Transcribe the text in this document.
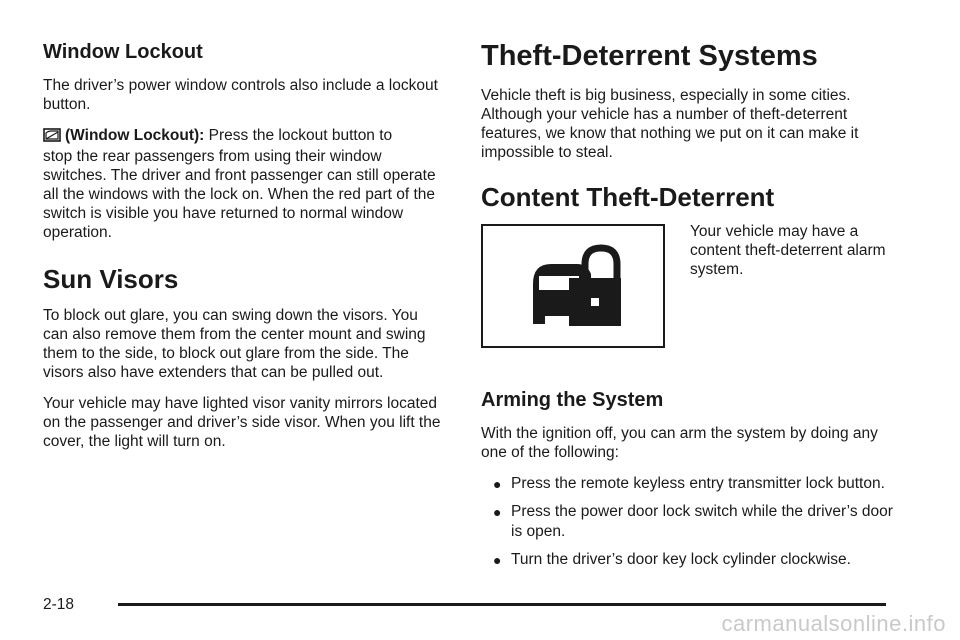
Window Lockout

The driver’s power window controls also include a lockout button.

(Window Lockout): Press the lockout button to

stop the rear passengers from using their window switches. The driver and front passenger can still operate all the windows with the lock on. When the red part of the switch is visible you have returned to normal window operation.

Sun Visors

To block out glare, you can swing down the visors. You can also remove them from the center mount and swing them to the side, to block out glare from the side. The visors also have extenders that can be pulled out.

Your vehicle may have lighted visor vanity mirrors located on the passenger and driver’s side visor. When you lift the cover, the light will turn on.

Theft-Deterrent Systems

Vehicle theft is big business, especially in some cities. Although your vehicle has a number of theft-deterrent features, we know that nothing we put on it can make it impossible to steal.

Content Theft-Deterrent
Your vehicle may have a content theft-deterrent alarm system.
Arming the System

With the ignition off, you can arm the system by doing any one of the following:

● Press the remote keyless entry transmitter lock button.
● Press the power door lock switch while the driver’s door is open.
● Turn the driver’s door key lock cylinder clockwise.
2-18
carmanualsonline.info
